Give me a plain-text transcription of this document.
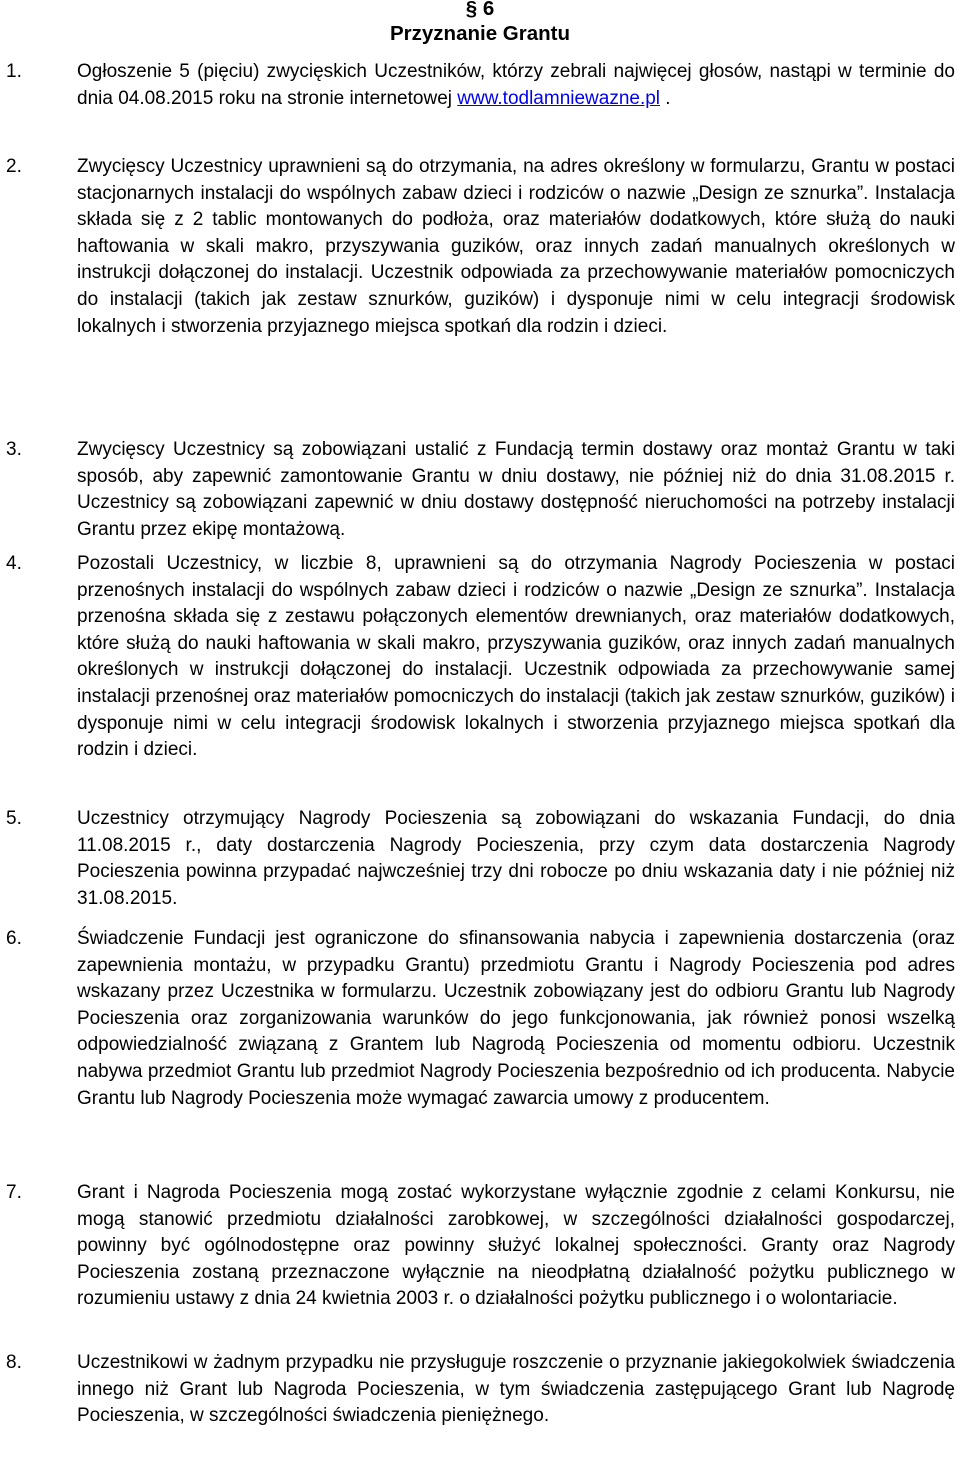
§ 6
Przyznanie Grantu
1.	Ogłoszenie 5 (pięciu) zwycięskich Uczestników, którzy zebrali najwięcej głosów, nastąpi w terminie do dnia 04.08.2015 roku na stronie internetowej www.todlamniewazne.pl .
2.	Zwycięscy Uczestnicy uprawnieni są do otrzymania, na adres określony w formularzu, Grantu w postaci stacjonarnych instalacji do wspólnych zabaw dzieci i rodziców o nazwie „Design ze sznurka”. Instalacja składa się z 2 tablic montowanych do podłoża, oraz materiałów dodatkowych, które służą do nauki haftowania w skali makro, przyszywania guzików, oraz innych zadań manualnych określonych w instrukcji dołączonej do instalacji. Uczestnik odpowiada za przechowywanie materiałów pomocniczych do instalacji (takich jak zestaw sznurków, guzików) i dysponuje nimi w celu integracji środowisk lokalnych i stworzenia przyjaznego miejsca spotkań dla rodzin i dzieci.
3.	Zwycięscy Uczestnicy są zobowiązani ustalić z Fundacją termin dostawy oraz montaż Grantu w taki sposób, aby zapewnić zamontowanie Grantu w dniu dostawy, nie później niż do dnia 31.08.2015 r. Uczestnicy są zobowiązani zapewnić w dniu dostawy dostępność nieruchomości na potrzeby instalacji Grantu przez ekipę montażową.
4.	Pozostali Uczestnicy, w liczbie 8, uprawnieni są do otrzymania Nagrody Pocieszenia w postaci przenośnych instalacji do wspólnych zabaw dzieci i rodziców o nazwie „Design ze sznurka”. Instalacja przenośna składa się z zestawu połączonych elementów drewnianych, oraz materiałów dodatkowych, które służą do nauki haftowania w skali makro, przyszywania guzików, oraz innych zadań manualnych określonych w instrukcji dołączonej do instalacji. Uczestnik odpowiada za przechowywanie samej instalacji przenośnej oraz materiałów pomocniczych do instalacji (takich jak zestaw sznurków, guzików) i dysponuje nimi w celu integracji środowisk lokalnych i stworzenia przyjaznego miejsca spotkań dla rodzin i dzieci.
5.	Uczestnicy otrzymujący Nagrody Pocieszenia są zobowiązani do wskazania Fundacji, do dnia 11.08.2015 r., daty dostarczenia Nagrody Pocieszenia, przy czym data dostarczenia Nagrody Pocieszenia powinna przypadać najwcześniej trzy dni robocze po dniu wskazania daty i nie później niż 31.08.2015.
6.	Świadczenie Fundacji jest ograniczone do sfinansowania nabycia i zapewnienia dostarczenia (oraz zapewnienia montażu, w przypadku Grantu) przedmiotu Grantu i Nagrody Pocieszenia pod adres wskazany przez Uczestnika w formularzu. Uczestnik zobowiązany jest do odbioru Grantu lub Nagrody Pocieszenia oraz zorganizowania warunków do jego funkcjonowania, jak również ponosi wszelką odpowiedzialność związaną z Grantem lub Nagrodą Pocieszenia od momentu odbioru. Uczestnik nabywa przedmiot Grantu lub przedmiot Nagrody Pocieszenia bezpośrednio od ich producenta. Nabycie Grantu lub Nagrody Pocieszenia może wymagać zawarcia umowy z producentem.
7.	Grant i Nagroda Pocieszenia mogą zostać wykorzystane wyłącznie zgodnie z celami Konkursu, nie mogą stanowić przedmiotu działalności zarobkowej, w szczególności działalności gospodarczej, powinny być ogólnodostępne oraz powinny służyć lokalnej społeczności. Granty oraz Nagrody Pocieszenia zostaną przeznaczone wyłącznie na nieodpłatną działalność pożytku publicznego w rozumieniu ustawy z dnia 24 kwietnia 2003 r. o działalności pożytku publicznego i o wolontariacie.
8.	Uczestnikowi w żadnym przypadku nie przysługuje roszczenie o przyznanie jakiegokolwiek świadczenia innego niż Grant lub Nagroda Pocieszenia, w tym świadczenia zastępującego Grant lub Nagrodę Pocieszenia, w szczególności świadczenia pieniężnego.
